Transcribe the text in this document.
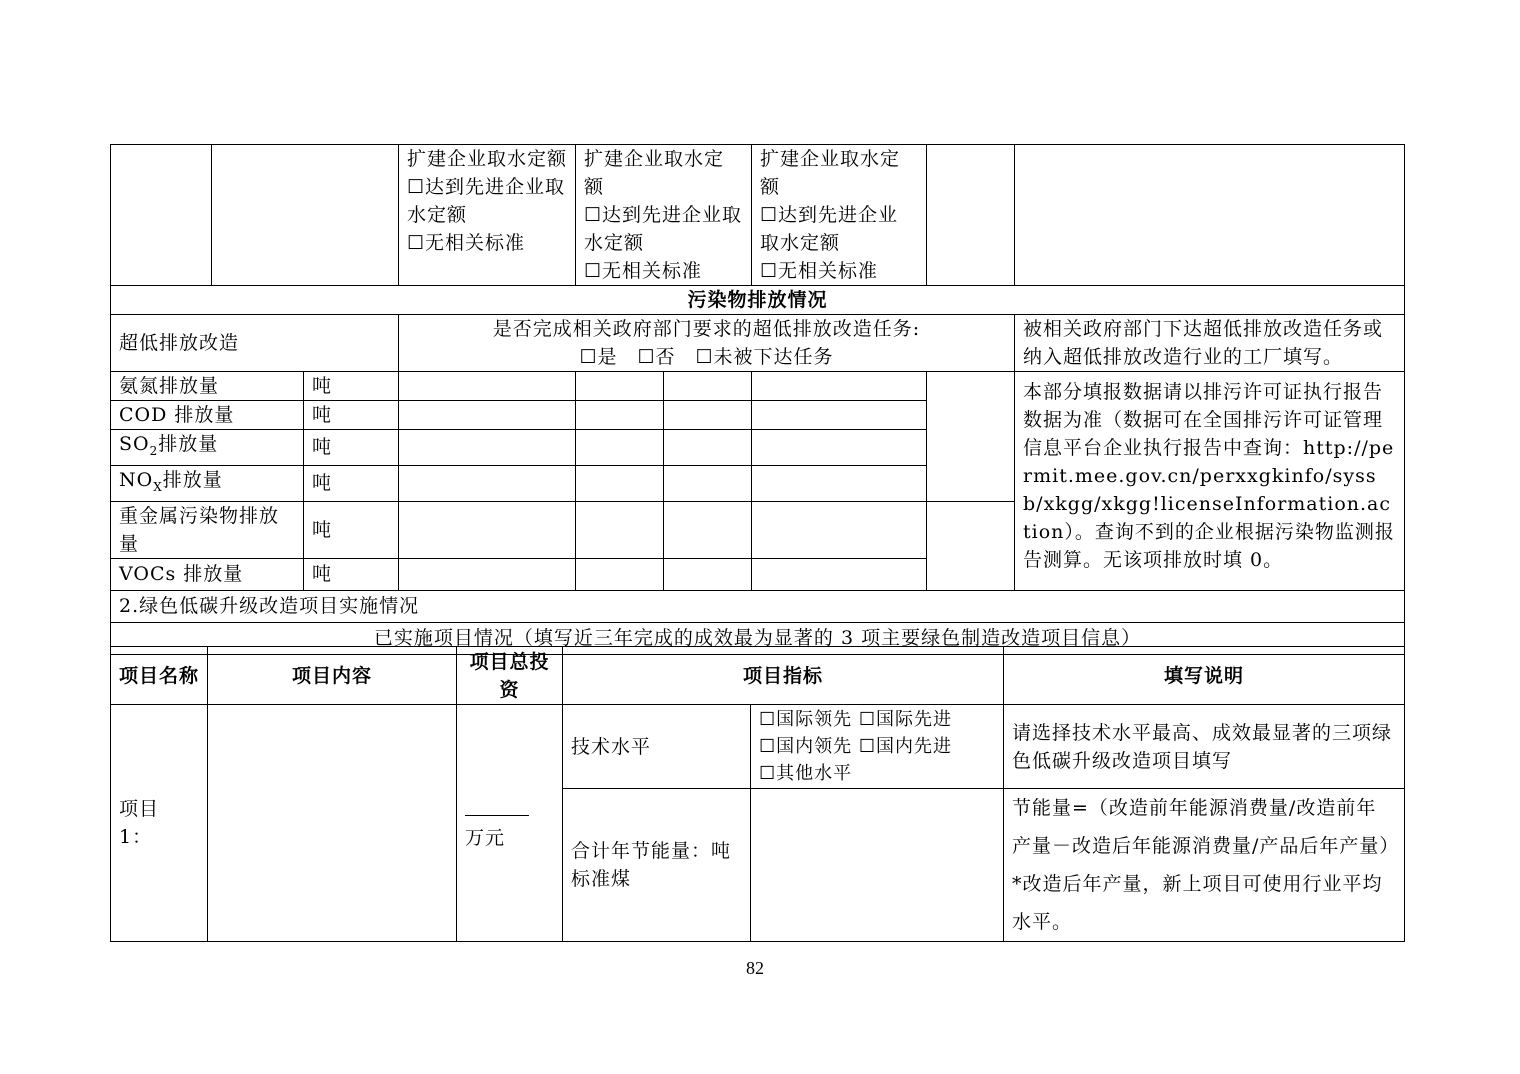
			扩建企业取水定额
☐达到先进企业取水定额
☐无相关标准	扩建企业取水定额
☐达到先进企业取水定额
☐无相关标准		扩建企业取水定额
☐达到先进企业取水定额
☐无相关标准		
污染物排放情况								
超低排放改造			是否完成相关政府部门要求的超低排放改造任务:
☐是　☐否　☐未被下达任务					被相关政府部门下达超低排放改造任务或纳入超低排放改造行业的工厂填写。
氨氮排放量		吨						本部分填报数据请以排污许可证执行报告数据为准（数据可在全国排污许可证管理信息平台企业执行报告中查询：http://permit.mee.gov.cn/perxxgkinfo/syssb/xkgg/xkgg!licenseInformation.action）。查询不到的企业根据污染物监测报告测算。无该项排放时填 0。
COD 排放量		吨						
$SO_2$排放量		吨						
$NO_X$排放量		吨						
重金属污染物排放量		吨						
VOCs 排放量		吨						
2.绿色低碳升级改造项目实施情况								
已实施项目情况（填写近三年完成的成效最为显著的 3 项主要绿色制造改造项目信息）								
项目名称	项目内容	项目总投资	项目指标		填写说明
项目 1：		万元	技术水平	☐国际领先 ☐国际先进
☐国内领先 ☐国内先进
☐其他水平	请选择技术水平最高、成效最显著的三项绿色低碳升级改造项目填写
			合计年节能量：吨标准煤		节能量=（改造前年能源消费量/改造前年产量－改造后年能源消费量/产品后年产量）*改造后年产量，新上项目可使用行业平均水平。
82
